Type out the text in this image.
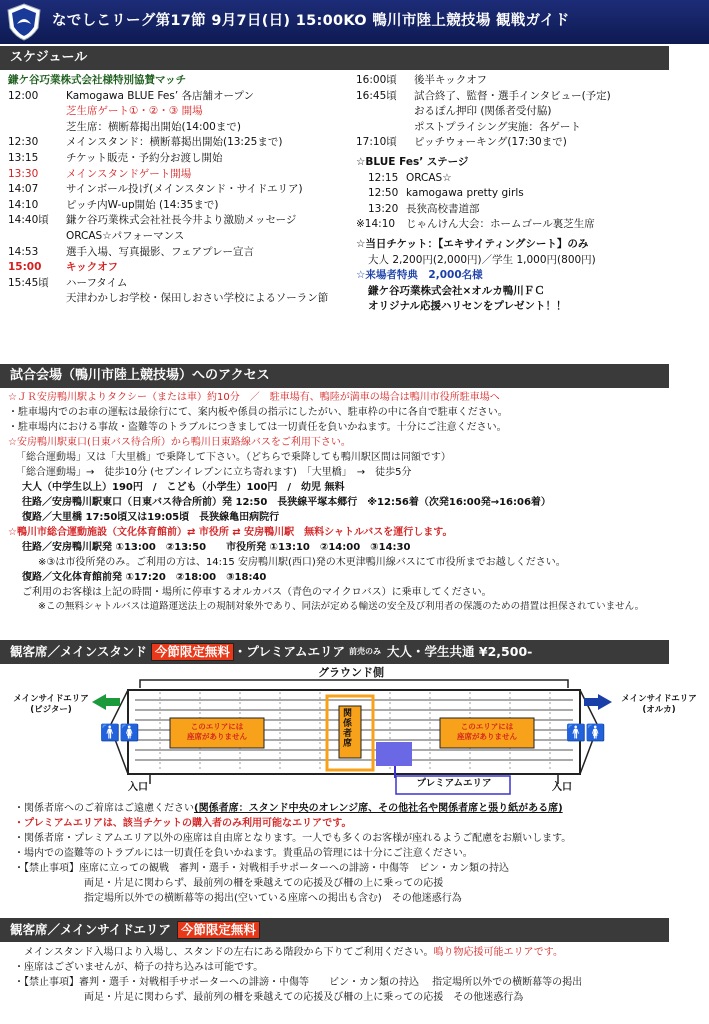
なでしこリーグ第17節 9月7日(日) 15:00KO 鴨川市陸上競技場 観戦ガイド
スケジュール
鎌ケ谷巧業株式会社様特別協賛マッチ
12:00	Kamogawa BLUE Fes’ 各店舗オープン
芝生席ゲート①・②・③ 開場
芝生席：横断幕掲出開始(14:00まで)
12:30	メインスタンド：横断幕掲出開始(13:25まで)
13:15	チケット販売・予約分お渡し開始
13:30	メインスタンドゲート開場
14:07	サインボール投げ(メインスタンド・サイドエリア)
14:10	ピッチ内W-up開始 (14:35まで)
14:40頃 鎌ケ谷巧業株式会社社長今井より激励メッセージ
ORCAS☆パフォーマンス
14:53	選手入場、写真撮影、フェアプレー宣言
15:00 キックオフ
15:45頃 ハーフタイム
天津わかしお学校・保田しおさい学校によるソーラン節
16:00頃 後半キックオフ
16:45頃 試合終了、監督・選手インタビュー(予定)
おるぽん押印 (関係者受付脇)
ポストプライシング実施：各ゲート
17:10頃 ピッチウォーキング(17:30まで)
☆BLUE Fes’ ステージ
12:15 ORCAS☆
12:50 kamogawa pretty girls
13:20 長狭高校書道部
※14:10 じゃんけん大会：ホームゴール裏芝生席
☆当日チケット：【エキサイティングシート】のみ
大人 2,200円(2,000円)／学生 1,000円(800円)
☆来場者特典　 2,000名様
鎌ケ谷巧業株式会社×オルカ鴨川ＦＣ
オリジナル応援ハリセンをプレゼント！！
試合会場（鴨川市陸上競技場）へのアクセス
☆ＪＲ安房鴨川駅よりタクシー（または車）約10分　／　駐車場有、鴨陸が満車の場合は鴨川市役所駐車場へ
・駐車場内でのお車の運転は最徐行にて、案内板や係員の指示にしたがい、駐車枠の中に各自で駐車ください。
・駐車場内における事故・盗難等のトラブルにつきましては一切責任を負いかねます。十分にご注意ください。
☆安房鴨川駅東口(日東バス待合所）から鴨川日東路線バスをご利用下さい。
「総合運動場」又は「大里橋」で乗降して下さい。（どちらで乗降しても鴨川駅区間は同額です）
「総合運動場」→　徒歩10分 (セブンイレブンに立ち寄れます)　「大里橋」　→　徒歩5分
大人（中学生以上）190円　/　こども（小学生）100円　/　幼児 無料
往路／安房鴨川駅東口（日東バス待合所前）発 12:50　長狭線平塚本郷行　※12:56着（次発16:00発→16:06着）
復路／大里橋 17:50頃又は19:05頃　長狭線亀田病院行
☆鴨川市総合運動施設（文化体育館前）⇄ 市役所 ⇄ 安房鴨川駅　無料シャトルバスを運行します。
往路／安房鴨川駅発 ①13:00　②13:50　　市役所発 ①13:10　②14:00　③14:30
※③は市役所発のみ。ご利用の方は、14:15 安房鴨川駅(西口)発の木更津鴨川線バスにて市役所までお越しください。
復路／文化体育館前発 ①17:20　②18:00　③18:40
ご利用のお客様は上記の時間・場所に停車するオルカバス（青色のマイクロバス）に乗車してください。
※この無料シャトルバスは道路運送法上の規制対象外であり、同法が定める輸送の安全及び利用者の保護のための措置は担保されていません。
観客席／メインスタンド 今節限定無料 ・プレミアムエリア 前売のみ 大人・学生共通 ¥2,500-
グラウンド側
メインサイドエリア
(ビジター)
メインサイドエリア
(オルカ)
🚹🚺	🚹🚺
このエリアには
座席がありません
このエリアには
座席がありません
関係者席
プレミアムエリア
入口	入口
・関係者席へのご着席はご遠慮ください(関係者席：スタンド中央のオレンジ席、その他社名や関係者席と張り紙がある席)
・プレミアムエリアは、該当チケットの購入者のみ利用可能なエリアです。
・関係者席・プレミアムエリア以外の座席は自由席となります。一人でも多くのお客様が座れるようご配慮をお願いします。
・場内での盗難等のトラブルには一切責任を負いかねます。貴重品の管理には十分にご注意ください。
・【禁止事項】座席に立っての観戦　審判・選手・対戦相手サポーターへの誹謗・中傷等　ビン・カン類の持込
　　　　　　　両足・片足に関わらず、最前列の柵を乗越えての応援及び柵の上に乗っての応援
　　　　　　　指定場所以外での横断幕等の掲出(空いている座席への掲出も含む)　その他迷惑行為
観客席／メインサイドエリア 今節限定無料
　メインスタンド入場口より入場し、スタンドの左右にある階段から下りてご利用ください。鳴り物応援可能エリアです。
・座席はございませんが、椅子の持ち込みは可能です。
・【禁止事項】審判・選手・対戦相手サポーターへの誹謗・中傷等　　ビン・カン類の持込　 指定場所以外での横断幕等の掲出
　　　　　　　両足・片足に関わらず、最前列の柵を乗越えての応援及び柵の上に乗っての応援　その他迷惑行為
